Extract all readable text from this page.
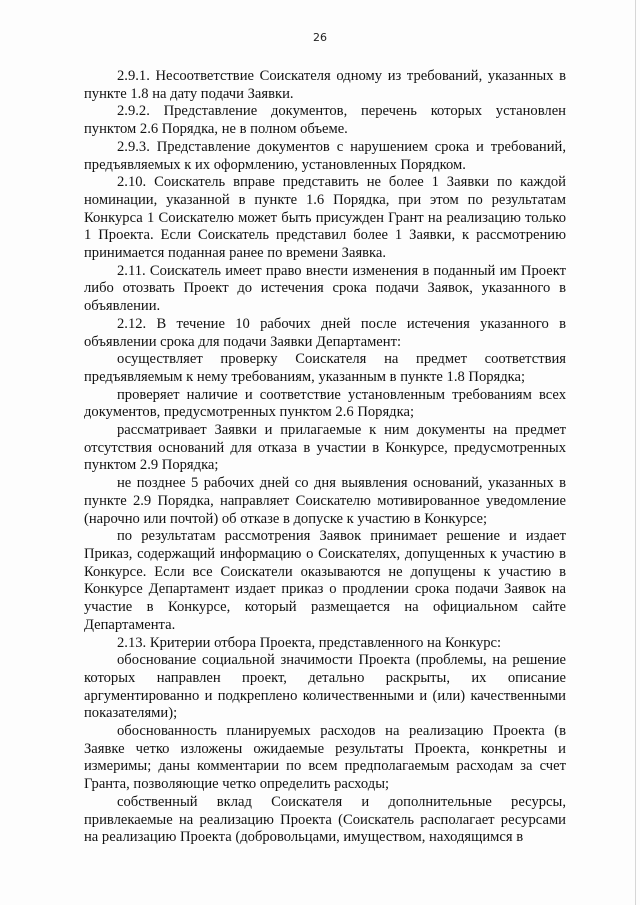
26

2.9.1. Несоответствие Соискателя одному из требований, указанных в пункте 1.8 на дату подачи Заявки.

2.9.2. Представление документов, перечень которых установлен пунктом 2.6 Порядка, не в полном объеме.

2.9.3. Представление документов с нарушением срока и требований, предъявляемых к их оформлению, установленных Порядком.

2.10. Соискатель вправе представить не более 1 Заявки по каждой номинации, указанной в пункте 1.6 Порядка, при этом по результатам Конкурса 1 Соискателю может быть присужден Грант на реализацию только 1 Проекта. Если Соискатель представил более 1 Заявки, к рассмотрению принимается поданная ранее по времени Заявка.

2.11. Соискатель имеет право внести изменения в поданный им Проект либо отозвать Проект до истечения срока подачи Заявок, указанного в объявлении.

2.12. В течение 10 рабочих дней после истечения указанного в объявлении срока для подачи Заявки Департамент:

осуществляет проверку Соискателя на предмет соответствия предъявляемым к нему требованиям, указанным в пункте 1.8 Порядка;

проверяет наличие и соответствие установленным требованиям всех документов, предусмотренных пунктом 2.6 Порядка;

рассматривает Заявки и прилагаемые к ним документы на предмет отсутствия оснований для отказа в участии в Конкурсе, предусмотренных пунктом 2.9 Порядка;

не позднее 5 рабочих дней со дня выявления оснований, указанных в пункте 2.9 Порядка, направляет Соискателю мотивированное уведомление (нарочно или почтой) об отказе в допуске к участию в Конкурсе;

по результатам рассмотрения Заявок принимает решение и издает Приказ, содержащий информацию о Соискателях, допущенных к участию в Конкурсе. Если все Соискатели оказываются не допущены к участию в Конкурсе Департамент издает приказ о продлении срока подачи Заявок на участие в Конкурсе, который размещается на официальном сайте Департамента.

2.13. Критерии отбора Проекта, представленного на Конкурс:

обоснование социальной значимости Проекта (проблемы, на решение которых направлен проект, детально раскрыты, их описание аргументированно и подкреплено количественными и (или) качественными показателями);

обоснованность планируемых расходов на реализацию Проекта (в Заявке четко изложены ожидаемые результаты Проекта, конкретны и измеримы; даны комментарии по всем предполагаемым расходам за счет Гранта, позволяющие четко определить расходы;

собственный вклад Соискателя и дополнительные ресурсы, привлекаемые на реализацию Проекта (Соискатель располагает ресурсами на реализацию Проекта (добровольцами, имуществом, находящимся в
